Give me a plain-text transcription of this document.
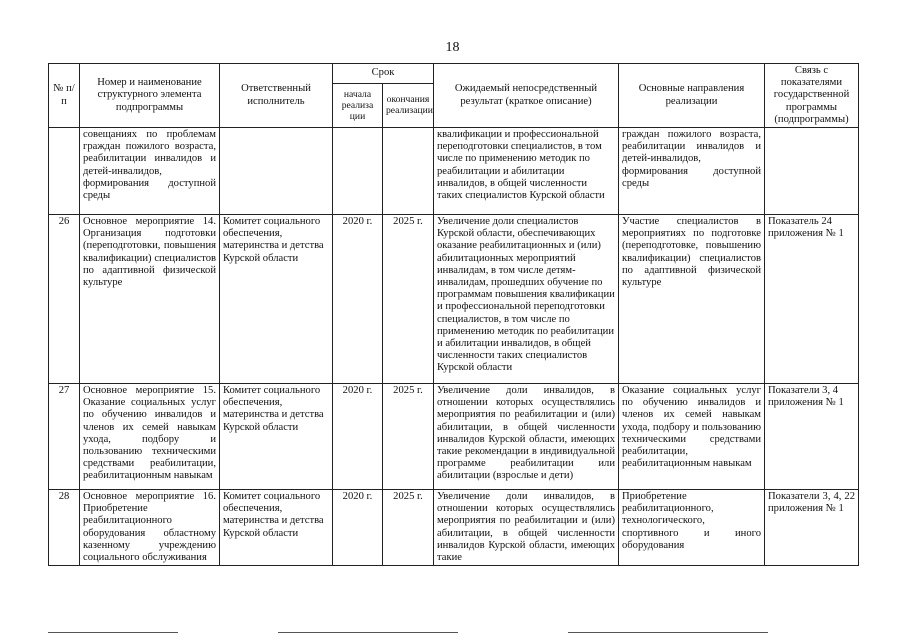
18
№ п/п	Номер и наименование структурного элемента подпрограммы	Ответственный исполнитель	Срок		Ожидаемый непосредственный результат (краткое описание)	Основные направления реализации	Связь с показателями государственной программы (подпрограммы)
			начала реализа ции	окончания реализации			
	совещаниях по проблемам граждан пожилого возраста, реабилитации инвалидов и детей-инвалидов, формирования доступной среды				квалификации и профессиональной переподготовки специалистов, в том числе по применению методик по реабилитации и абилитации инвалидов, в общей численности таких специалистов Курской области	граждан пожилого возраста, реабилитации инвалидов и детей-инвалидов, формирования доступной среды	
26	Основное мероприятие 14. Организация подготовки (переподготовки, повышения квалификации) специалистов по адаптивной физической культуре	Комитет социального обеспечения, материнства и детства Курской области	2020 г.	2025 г.	Увеличение доли специалистов Курской области, обеспечивающих оказание реабилитационных и (или) абилитационных мероприятий инвалидам, в том числе детям-инвалидам, прошедших обучение по программам повышения квалификации и профессиональной переподготовки специалистов, в том числе по применению методик по реабилитации и абилитации инвалидов, в общей численности таких специалистов Курской области	Участие специалистов в мероприятиях по подготовке (переподготовке, повышению квалификации) специалистов по адаптивной физической культуре	Показатель 24 приложения № 1
27	Основное мероприятие 15. Оказание социальных услуг по обучению инвалидов и членов их семей навыкам ухода, подбору и пользованию техническими средствами реабилитации, реабилитационным навыкам	Комитет социального обеспечения, материнства и детства Курской области	2020 г.	2025 г.	Увеличение доли инвалидов, в отношении которых осуществлялись мероприятия по реабилитации и (или) абилитации, в общей численности инвалидов Курской области, имеющих такие рекомендации в индивидуальной программе реабилитации или абилитации (взрослые и дети)	Оказание социальных услуг по обучению инвалидов и членов их семей навыкам ухода, подбору и пользованию техническими средствами реабилитации, реабилитационным навыкам	Показатели 3, 4 приложения № 1
28	Основное мероприятие 16. Приобретение реабилитационного оборудования областному казенному учреждению социального обслуживания	Комитет социального обеспечения, материнства и детства Курской области	2020 г.	2025 г.	Увеличение доли инвалидов, в отношении которых осуществлялись мероприятия по реабилитации и (или) абилитации, в общей численности инвалидов Курской области, имеющих такие	Приобретение реабилитационного, технологического, спортивного и иного оборудования	Показатели 3, 4, 22 приложения № 1
